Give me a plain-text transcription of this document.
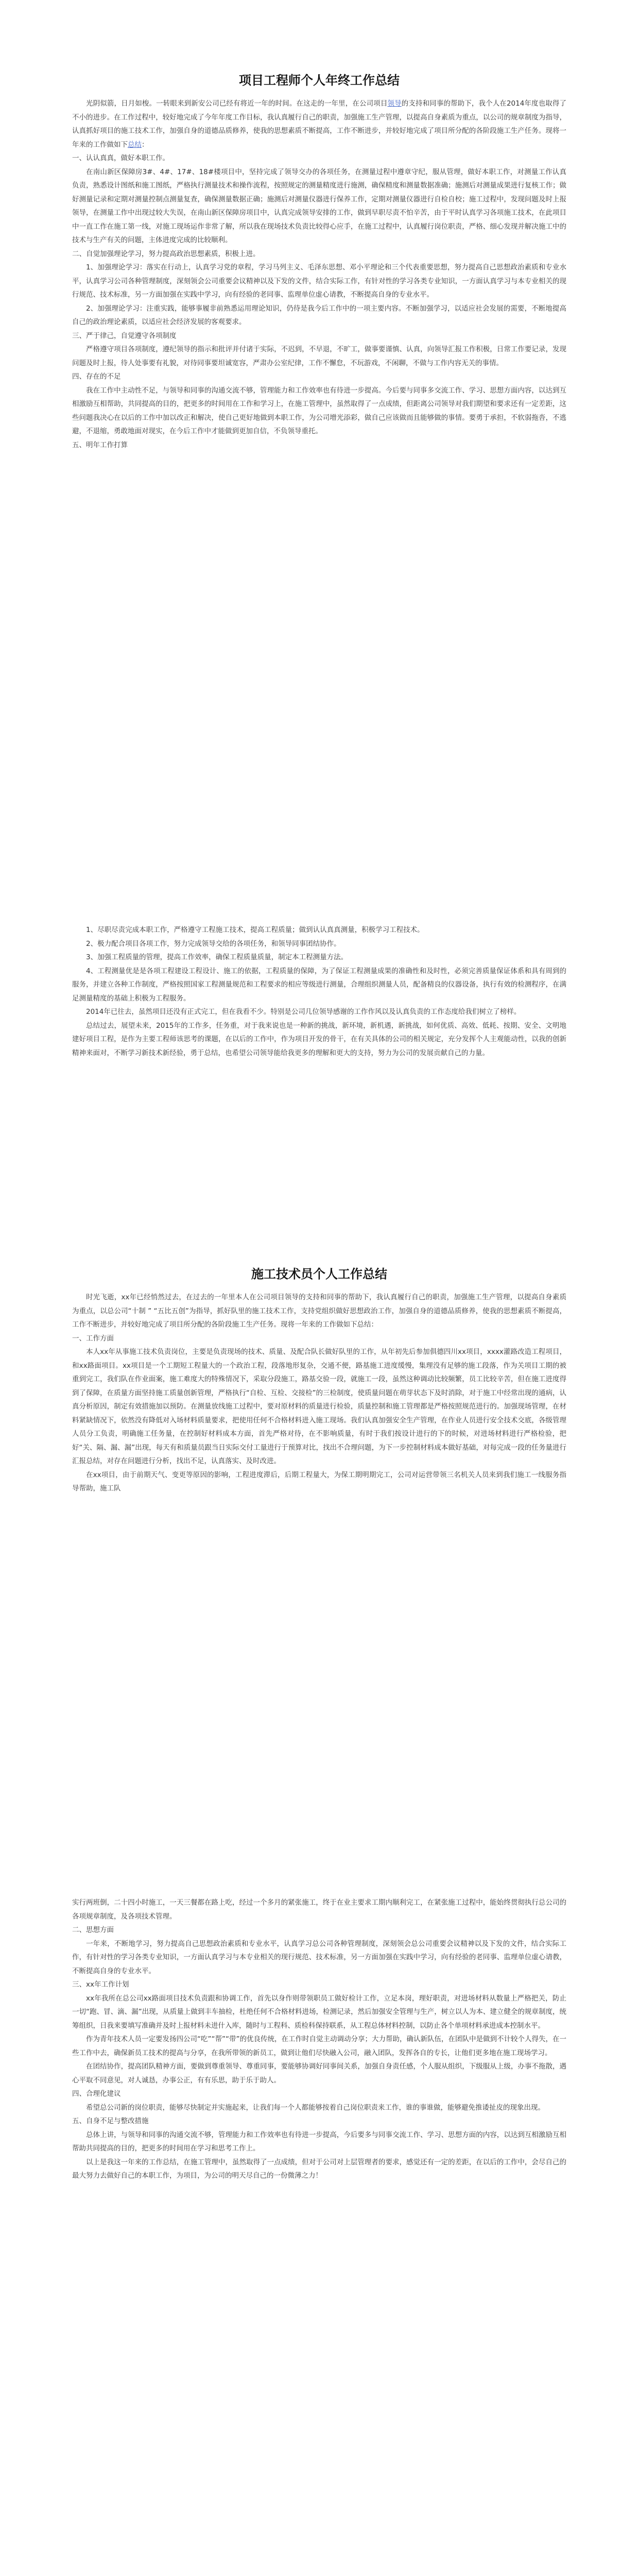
项目工程师个人年终工作总结

光阴似箭，日月如梭。一转眼来到新安公司已经有将近一年的时间。在这走的一年里，在公司项目领导的支持和同事的帮助下，我个人在2014年度也取得了不小的进步。在工作过程中，较好地完成了今年年度工作目标，我认真履行自己的职责，加强施工生产管理，以提高自身素质为重点，以公司的规章制度为指导，认真抓好项目的施工技术工作，加强自身的道德品质修养，使我的思想素质不断提高，工作不断进步，并较好地完成了项目所分配的各阶段施工生产任务。现将一年来的工作做如下总结：

一、认认真真，做好本职工作。

在南山新区保障房3#、4#、17#、18#楼项目中，坚持完成了领导交办的各项任务，在测量过程中遵章守纪，服从管理，做好本职工作，对测量工作认真负责，熟悉设计图纸和施工图纸，严格执行测量技术和操作流程，按照规定的测量精度进行施测，确保精度和测量数据准确；施测后对测量成果进行复核工作；做好测量记录和定期对测量控制点测量复查，确保测量数据正确；施测后对测量仪器进行保养工作，定期对测量仪器进行自检自校；施工过程中，发现问题及时上报领导，在测量工作中出现过较大失误，在南山新区保障房项目中，认真完成领导安排的工作，做到早职尽责不怕辛苦，由于平时认真学习各项施工技术，在此项目中一直工作在施工第一线，对施工现场运作非常了解，所以我在现场技术负责比较得心应手，在施工过程中，认真履行岗位职责，严格、细心发现并解决施工中的技术与生产有关的问题，主体进度完成的比较顺利。

二、自觉加强理论学习，努力提高政治思想素质，积极上进。

1、加强理论学习：落实在行动上，认真学习党的章程，学习马列主义、毛泽东思想、邓小平理论和三个代表重要思想，努力提高自己思想政治素质和专业水平，认真学习公司各种管理制度，深刻领会公司重要会议精神以及下发的文件，结合实际工作，有针对性的学习各类专业知识，一方面认真学习与本专业相关的现行规范、技术标准，另一方面加强在实践中学习，向有经验的老同事、监理单位虚心请教，不断提高自身的专业水平。

2、加强理论学习：注重实践，能够事履非前熟悉运用理论知识，仍待是我今后工作中的一项主要内容。不断加强学习，以适应社会发展的需要，不断地提高自己的政治理论素质，以适应社会经济发展的客观要求。

三、严于律己，自觉遵守各项制度

严格遵守项目各项制度，遵纪领导的指示和批评并付诸于实际，不迟到，不早退，不旷工，做事要谨慎、认真，向领导汇报工作积极，日常工作要记录，发现问题及时上报，待人处事要有礼貌，对待同事要坦诚宽容，严肃办公室纪律，工作不懈怠，不玩游戏，不闲聊，不做与工作内容无关的事情。

四、存在的不足

我在工作中主动性不足，与领导和同事的沟通交流不够，管理能力和工作效率也有待进一步提高。今后要与同事多交流工作、学习、思想方面内容，以达到互相激励互相帮助，共同提高的目的，把更多的时间用在工作和学习上，在施工管理中，虽然取得了一点成绩，但距离公司领导对我们期望和要求还有一定差距，这些问题我决心在以后的工作中加以改正和解决，使自己更好地做到本职工作，为公司增光添彩，做自己应该做而且能够做的事情。要勇于承担，不软弱拖沓，不逃避，不退缩，勇敢地面对现实，在今后工作中才能做到更加自信，不负领导重托。

五、明年工作打算

1、尽职尽责完成本职工作，严格遵守工程施工技术，提高工程质量；做到认认真真测量，积极学习工程技术。

2、极力配合项目各项工作，努力完成领导交给的各项任务，和领导同事团结协作。

3、加强工程质量的管理，提高工作效率，确保工程质量质量，制定本工程测量方法。

4、工程测量优是是各项工程建设工程设计、施工的依据，工程质量的保障，为了保证工程测量成果的准确性和及时性，必须完善质量保证体系和具有周到的服务，并建立各种工作制度，严格按照国家工程测量规范和工程要求的相应等级进行测量，合理组织测量人员，配备精良的仪器设备，执行有效的检测程序，在满足测量精度的基础上积极为工程服务。

2014年已往去，虽然项目还没有正式完工，但在我看不少。特别是公司几位领导感谢的工作作风以及认真负责的工作态度给我们树立了榜样。

总结过去，展望未来，2015年的工作多，任务重，对于我来说也是一种新的挑战，新环境，新机遇，新挑战，如何优质、高效、低耗、按期、安全、文明地建好项目工程，是作为主要工程师该思考的课题，在以后的工作中，作为项目开发的骨干，在有关具体的公司的相关规定，充分发挥个人主观能动性，以我的创新精神来面对，不断学习新技术新经验，勇于总结，也希望公司领导能给我更多的理解和更大的支持，努力为公司的发展贡献自己的力量。

施工技术员个人工作总结

时光飞逝，xx年已经悄然过去，在过去的一年里本人在公司项目领导的支持和同事的帮助下，我认真履行自己的职责，加强施工生产管理，以提高自身素质为重点，以总公司“十制 ” “五比五创”为指导，抓好队里的施工技术工作，支持党组织做好思想政治工作，加强自身的道德品质修养，使我的思想素质不断提高，工作不断进步，并较好地完成了项目所分配的各阶段施工生产任务。现将一年来的工作做如下总结：

一、工作方面

本人xx年从事施工技术负责岗位，主要是负责现场的技术、质量、及配合队长做好队里的工作，从年初先后参加俱德四川xx项目，xxxx灌路改造工程项目，和xx路面项目。xx项目是一个工期短工程量大的一个政治工程，段落地形复杂，交通不便，路基施工进度缓慢，集理没有足够的施工段落，作为关项目工期的被重到完工，我们队在作业面案，施工难度大的特殊情况下，采取分段施工，路基交验一段，就施工一段，虽然这种调动比较频繁，员工比较辛苦，但在施工进度得到了保障，在质量方面坚持施工质量创新管理，严格执行“自检、互检、交接检”的三检制度，使质量问题在萌芽状态下及时消除，对于施工中经常出现的通病，认真分析原因，制定有效措施加以预防。在测量放线施工过程中，要对原材料的质量进行检验，质量控制和施工管理都是严格按照规范进行的。加强现场管理，在材料紧缺情况下，依然没有降低对入场材料质量要求，把使用任何不合格材料进入施工现场。我们认真加强安全生产管理，在作业人员进行安全技术交底，各级管理人员分工负责，明确施工任务量，在控制好材料成本方面，首先严格对待，在不影响质量，有时于我们按设计进行的下的时候，对进场材料进行严格检验，把好“关、隔、漏、漏”出现，每天有和质量员跟当日实际交付工量进行于预算对比，找出不合理问题，为下一步控制材料成本做好基础，对每完成一段的任务量进行汇报总结，对存在问题进行分析，找出不足，认真落实、及时改进。

在xx项目，由于前期天气、变更等原因的影响，工程进度滞后，后期工程量大，为保工期明期完工，公司对运营带领三名机关人员来到我们施工一线服务指导帮助，施工队

实行两班倒，二十四小时施工，一天三餐都在路上吃，经过一个多月的紧张施工，终于在业主要求工期内顺利完工，在紧张施工过程中，能始终贯彻执行总公司的各项规章制度，及各项技术管理。

二、思想方面

一年来，不断地学习，努力提高自己思想政治素质和专业水平，认真学习总公司各种管理制度，深刻领会总公司重要会议精神以及下发的文件，结合实际工作，有针对性的学习各类专业知识，一方面认真学习与本专业相关的现行规范、技术标准，另一方面加强在实践中学习，向有经验的老同事、监理单位虚心请教，不断提高自身的专业水平。

三、xx年工作计划

xx年我所在总公司xx路面项目技术负责跟和协调工作，首先以身作则带领职员工做好检计工作，立足本岗，理好职责，对进场材料从数量上严格把关，防止一切“跑、冒、滴、漏”出现，从质量上做到丰车抽检，杜绝任何不合格材料进场，检测记录，然后加强安全管理与生产，树立以人为本、建立健全的规章制度，统筹组织，日我来要填写准确并及时上报材料未进什入库，随时与工程科、质检科保持联系，从工程总体材料控制，以防止各个单项材料承进成本控制水平。

作为青年技术人员一定要发扬四公司“吃”“帮”“带”的优良传统，在工作时自觉主动调动分享；大力帮助，确认新队伍，在团队中是做到不计较个人得失，在一些工作中去，确保新员工技术的提高与分享，在我所带领的新员工，做到让他们尽快融入公司，融入团队，发挥各自的专长，让他们更多地在施工现场学习。

在团结协作，提高团队精神方面，要做到尊重领导、尊重同事，要能够协调好同事间关系，加强自身责任感，个人服从组织，下级服从上级，办事不拖散，遇心平取不同意见，对人诚恳，办事公正，有有乐思，助于乐于助人。

四、合理化建议

希望总公司新的岗位职责，能够尽快制定并实施起来，让我们每一个人都能够按着自己岗位职责来工作，谁的事谁做，能够避免推诿扯皮的现象出现。

五、自身不足与整改措施

总体上讲，与领导和同事的沟通交流不够，管理能力和工作效率也有待进一步提高，今后要多与同事交流工作、学习、思想方面的内容，以达到互相激励互相帮助共同提高的目的，把更多的时间用在学习和思考工作上。

以上是我这一年来的工作总结，在施工管理中，虽然取得了一点成绩，但对于公司对上层管理者的要求，感觉还有一定的差距，在以后的工作中，会尽自己的最大努力去做好自己的本职工作，为项目，为公司的明天尽自己的一份微薄之力！
